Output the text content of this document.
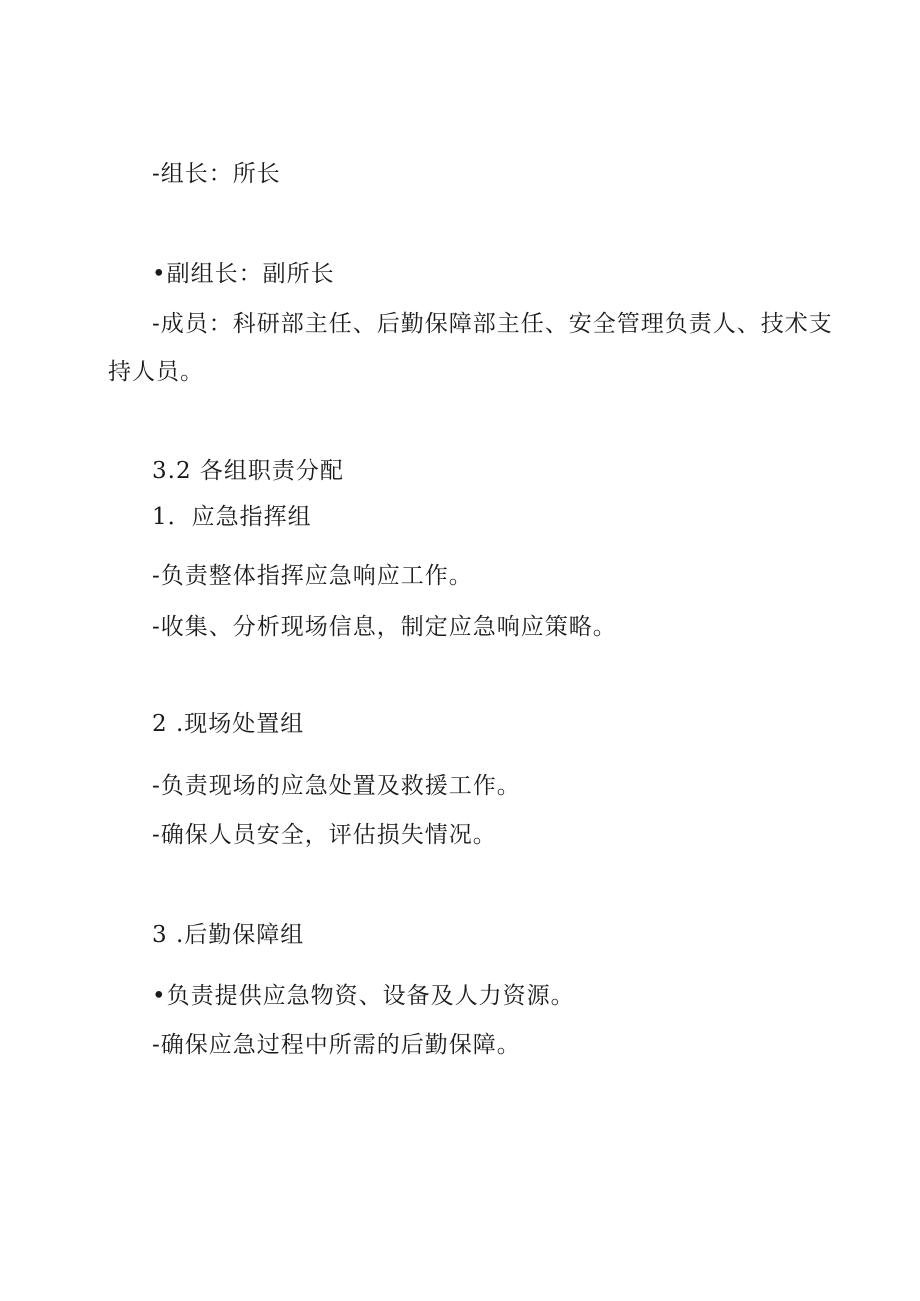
-组长：所长
•副组长：副所长
-成员：科研部主任、后勤保障部主任、安全管理负责人、技术支
持人员。
3.2 各组职责分配
1．应急指挥组
-负责整体指挥应急响应工作。
-收集、分析现场信息，制定应急响应策略。
2 .现场处置组
-负责现场的应急处置及救援工作。
-确保人员安全，评估损失情况。
3 .后勤保障组
•负责提供应急物资、设备及人力资源。
-确保应急过程中所需的后勤保障。
